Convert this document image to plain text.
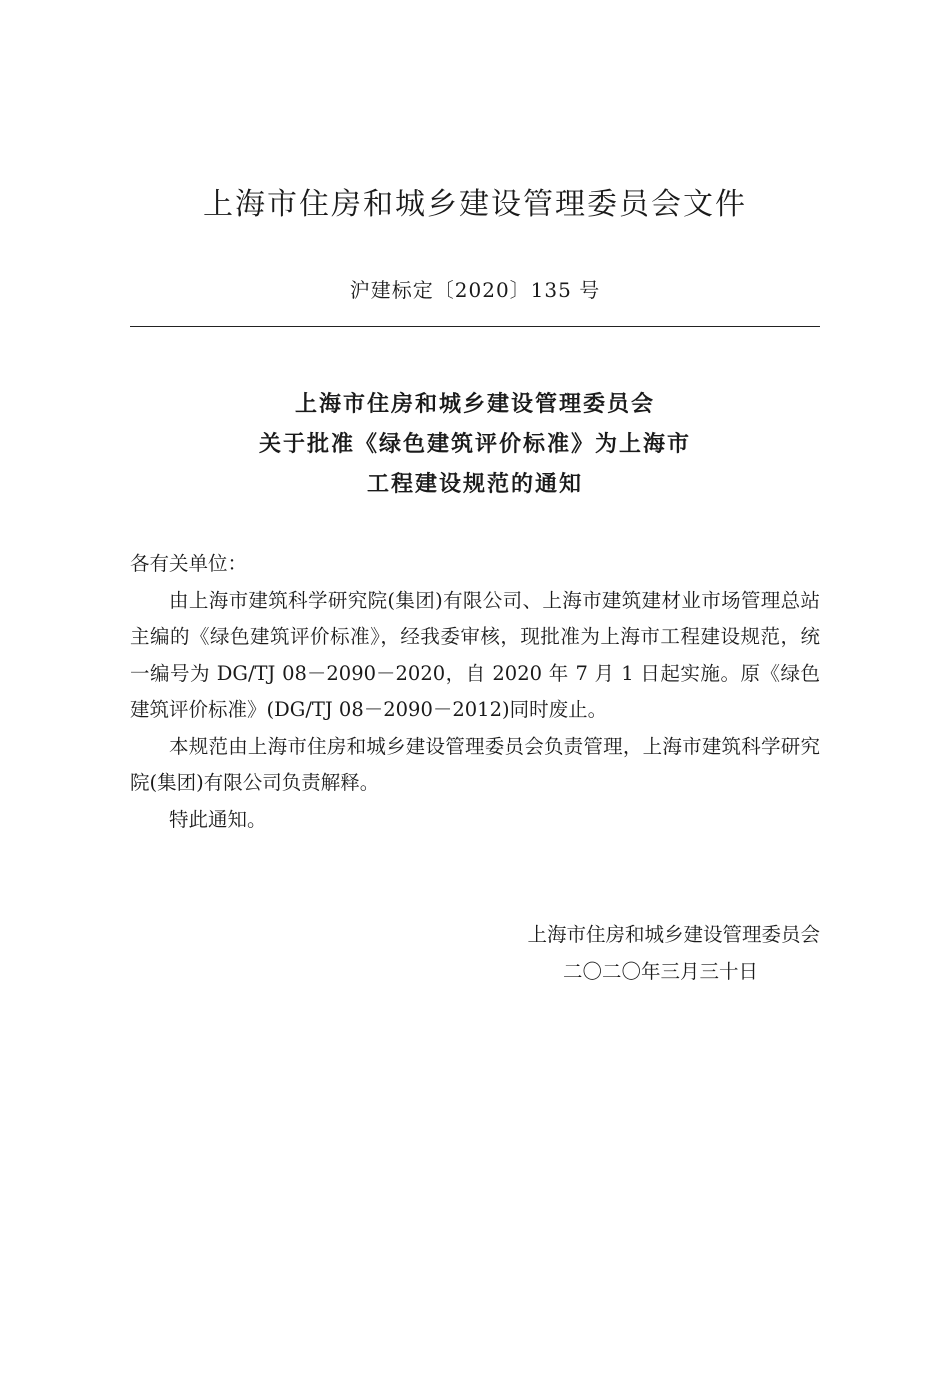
上海市住房和城乡建设管理委员会文件
沪建标定〔2020〕135 号
上海市住房和城乡建设管理委员会
关于批准《绿色建筑评价标准》为上海市
工程建设规范的通知
各有关单位：

由上海市建筑科学研究院(集团)有限公司、上海市建筑建材业市场管理总站主编的《绿色建筑评价标准》，经我委审核，现批准为上海市工程建设规范，统一编号为 DG/TJ 08－2090－2020，自 2020 年 7 月 1 日起实施。原《绿色建筑评价标准》(DG/TJ 08－2090－2012)同时废止。

本规范由上海市住房和城乡建设管理委员会负责管理，上海市建筑科学研究院(集团)有限公司负责解释。

特此通知。

上海市住房和城乡建设管理委员会
二〇二〇年三月三十日
